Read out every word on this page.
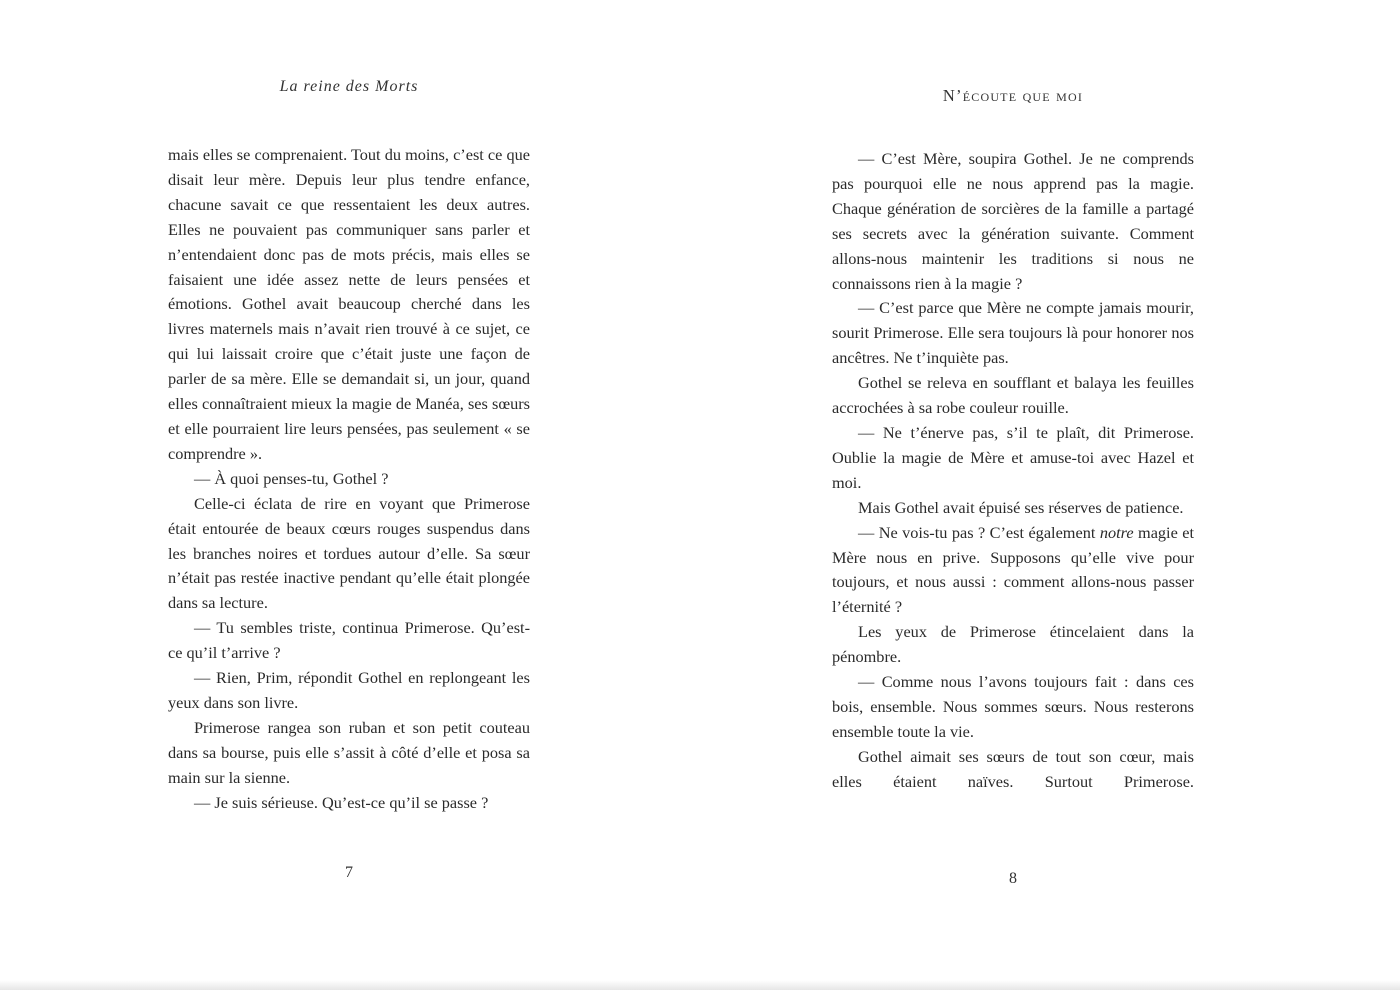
La reine des Morts

mais elles se comprenaient. Tout du moins, c’est ce que disait leur mère. Depuis leur plus tendre enfance, chacune savait ce que ressentaient les deux autres. Elles ne pouvaient pas communiquer sans parler et n’entendaient donc pas de mots précis, mais elles se faisaient une idée assez nette de leurs pensées et émotions. Gothel avait beaucoup cherché dans les livres maternels mais n’avait rien trouvé à ce sujet, ce qui lui laissait croire que c’était juste une façon de parler de sa mère. Elle se demandait si, un jour, quand elles connaîtraient mieux la magie de Manéa, ses sœurs et elle pourraient lire leurs pensées, pas seulement « se comprendre ».

— À quoi penses-tu, Gothel ?

Celle-ci éclata de rire en voyant que Primerose était entourée de beaux cœurs rouges suspendus dans les branches noires et tordues autour d’elle. Sa sœur n’était pas restée inactive pendant qu’elle était plongée dans sa lecture.

— Tu sembles triste, continua Primerose. Qu’est-ce qu’il t’arrive ?

— Rien, Prim, répondit Gothel en replongeant les yeux dans son livre.

Primerose rangea son ruban et son petit couteau dans sa bourse, puis elle s’assit à côté d’elle et posa sa main sur la sienne.

— Je suis sérieuse. Qu’est-ce qu’il se passe ?

7
N’écoute que moi

— C’est Mère, soupira Gothel. Je ne comprends pas pourquoi elle ne nous apprend pas la magie. Chaque génération de sorcières de la famille a partagé ses secrets avec la génération suivante. Comment allons-nous maintenir les traditions si nous ne connaissons rien à la magie ?

— C’est parce que Mère ne compte jamais mourir, sourit Primerose. Elle sera toujours là pour honorer nos ancêtres. Ne t’inquiète pas.

Gothel se releva en soufflant et balaya les feuilles accrochées à sa robe couleur rouille.

— Ne t’énerve pas, s’il te plaît, dit Primerose. Oublie la magie de Mère et amuse-toi avec Hazel et moi.

Mais Gothel avait épuisé ses réserves de patience.

— Ne vois-tu pas ? C’est également notre magie et Mère nous en prive. Supposons qu’elle vive pour toujours, et nous aussi : comment allons-nous passer l’éternité ?

Les yeux de Primerose étincelaient dans la pénombre.

— Comme nous l’avons toujours fait : dans ces bois, ensemble. Nous sommes sœurs. Nous resterons ensemble toute la vie.

Gothel aimait ses sœurs de tout son cœur, mais elles étaient naïves. Surtout Primerose.

8
